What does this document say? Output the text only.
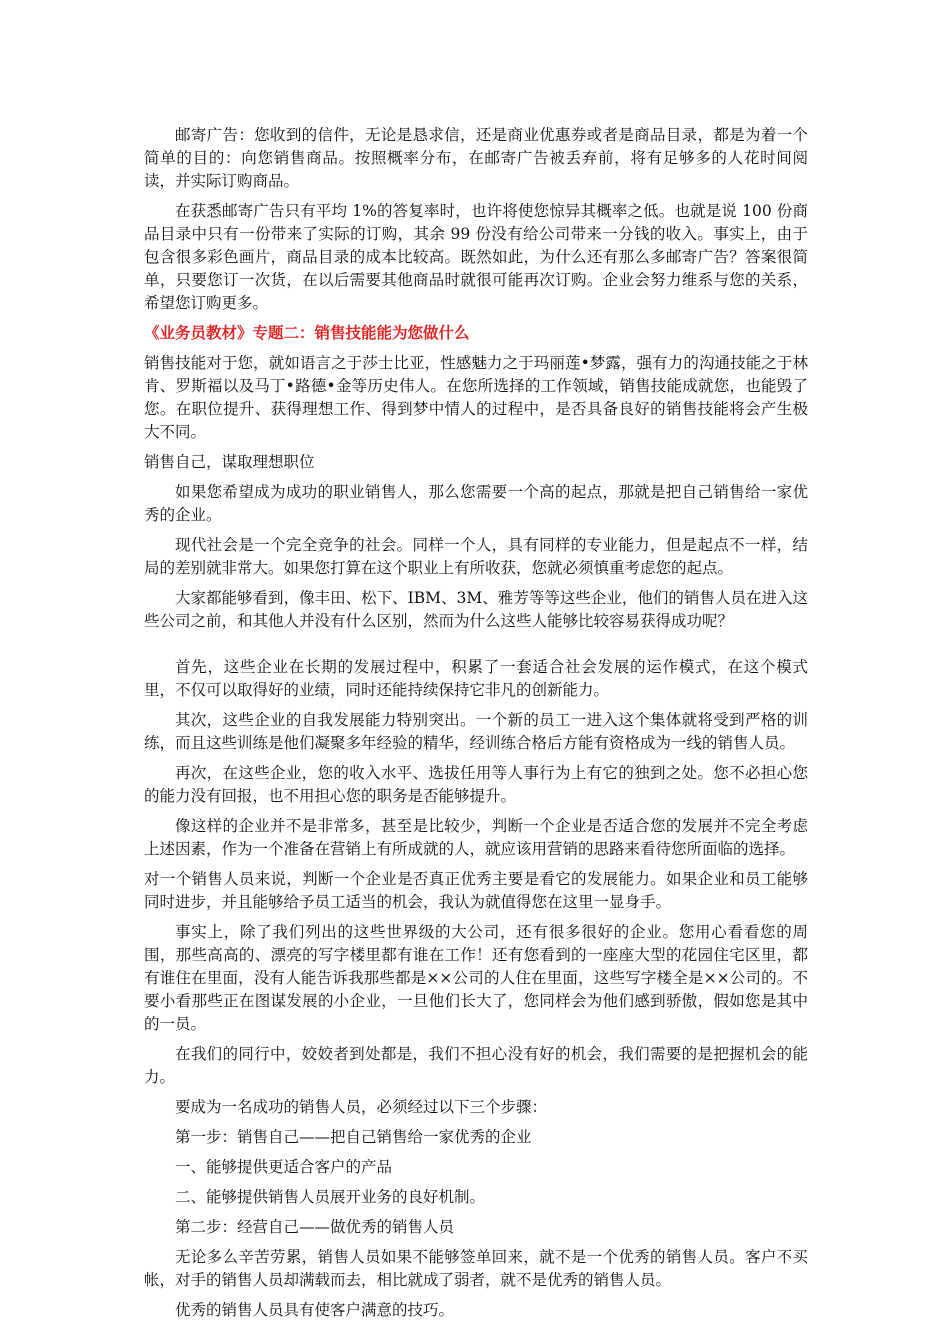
邮寄广告：您收到的信件，无论是恳求信，还是商业优惠券或者是商品目录，都是为着一个简单的目的：向您销售商品。按照概率分布，在邮寄广告被丢弃前，将有足够多的人花时间阅读，并实际订购商品。

在获悉邮寄广告只有平均 1%的答复率时，也许将使您惊异其概率之低。也就是说 100 份商品目录中只有一份带来了实际的订购，其余 99 份没有给公司带来一分钱的收入。事实上，由于包含很多彩色画片，商品目录的成本比较高。既然如此，为什么还有那么多邮寄广告？答案很简单，只要您订一次货，在以后需要其他商品时就很可能再次订购。企业会努力维系与您的关系，希望您订购更多。

《业务员教材》专题二：销售技能能为您做什么

销售技能对于您，就如语言之于莎士比亚，性感魅力之于玛丽莲•梦露，强有力的沟通技能之于林肯、罗斯福以及马丁•路德•金等历史伟人。在您所选择的工作领域，销售技能成就您，也能毁了您。在职位提升、获得理想工作、得到梦中情人的过程中，是否具备良好的销售技能将会产生极大不同。

销售自己，谋取理想职位

如果您希望成为成功的职业销售人，那么您需要一个高的起点，那就是把自己销售给一家优秀的企业。

现代社会是一个完全竞争的社会。同样一个人，具有同样的专业能力，但是起点不一样，结局的差别就非常大。如果您打算在这个职业上有所收获，您就必须慎重考虑您的起点。

大家都能够看到，像丰田、松下、IBM、3M、雅芳等等这些企业，他们的销售人员在进入这些公司之前，和其他人并没有什么区别，然而为什么这些人能够比较容易获得成功呢？

首先，这些企业在长期的发展过程中，积累了一套适合社会发展的运作模式，在这个模式里，不仅可以取得好的业绩，同时还能持续保持它非凡的创新能力。

其次，这些企业的自我发展能力特别突出。一个新的员工一进入这个集体就将受到严格的训练，而且这些训练是他们凝聚多年经验的精华，经训练合格后方能有资格成为一线的销售人员。

再次，在这些企业，您的收入水平、选拔任用等人事行为上有它的独到之处。您不必担心您的能力没有回报，也不用担心您的职务是否能够提升。

像这样的企业并不是非常多，甚至是比较少，判断一个企业是否适合您的发展并不完全考虑上述因素，作为一个准备在营销上有所成就的人，就应该用营销的思路来看待您所面临的选择。

对一个销售人员来说，判断一个企业是否真正优秀主要是看它的发展能力。如果企业和员工能够同时进步，并且能够给予员工适当的机会，我认为就值得您在这里一显身手。

事实上，除了我们列出的这些世界级的大公司，还有很多很好的企业。您用心看看您的周围，那些高高的、漂亮的写字楼里都有谁在工作！还有您看到的一座座大型的花园住宅区里，都有谁住在里面，没有人能告诉我那些都是××公司的人住在里面，这些写字楼全是××公司的。不要小看那些正在图谋发展的小企业，一旦他们长大了，您同样会为他们感到骄傲，假如您是其中的一员。

在我们的同行中，姣姣者到处都是，我们不担心没有好的机会，我们需要的是把握机会的能力。

要成为一名成功的销售人员，必须经过以下三个步骤：

第一步：销售自己——把自己销售给一家优秀的企业

一、能够提供更适合客户的产品

二、能够提供销售人员展开业务的良好机制。

第二步：经营自己——做优秀的销售人员

无论多么辛苦劳累，销售人员如果不能够签单回来，就不是一个优秀的销售人员。客户不买帐，对手的销售人员却满载而去，相比就成了弱者，就不是优秀的销售人员。

优秀的销售人员具有使客户满意的技巧。
